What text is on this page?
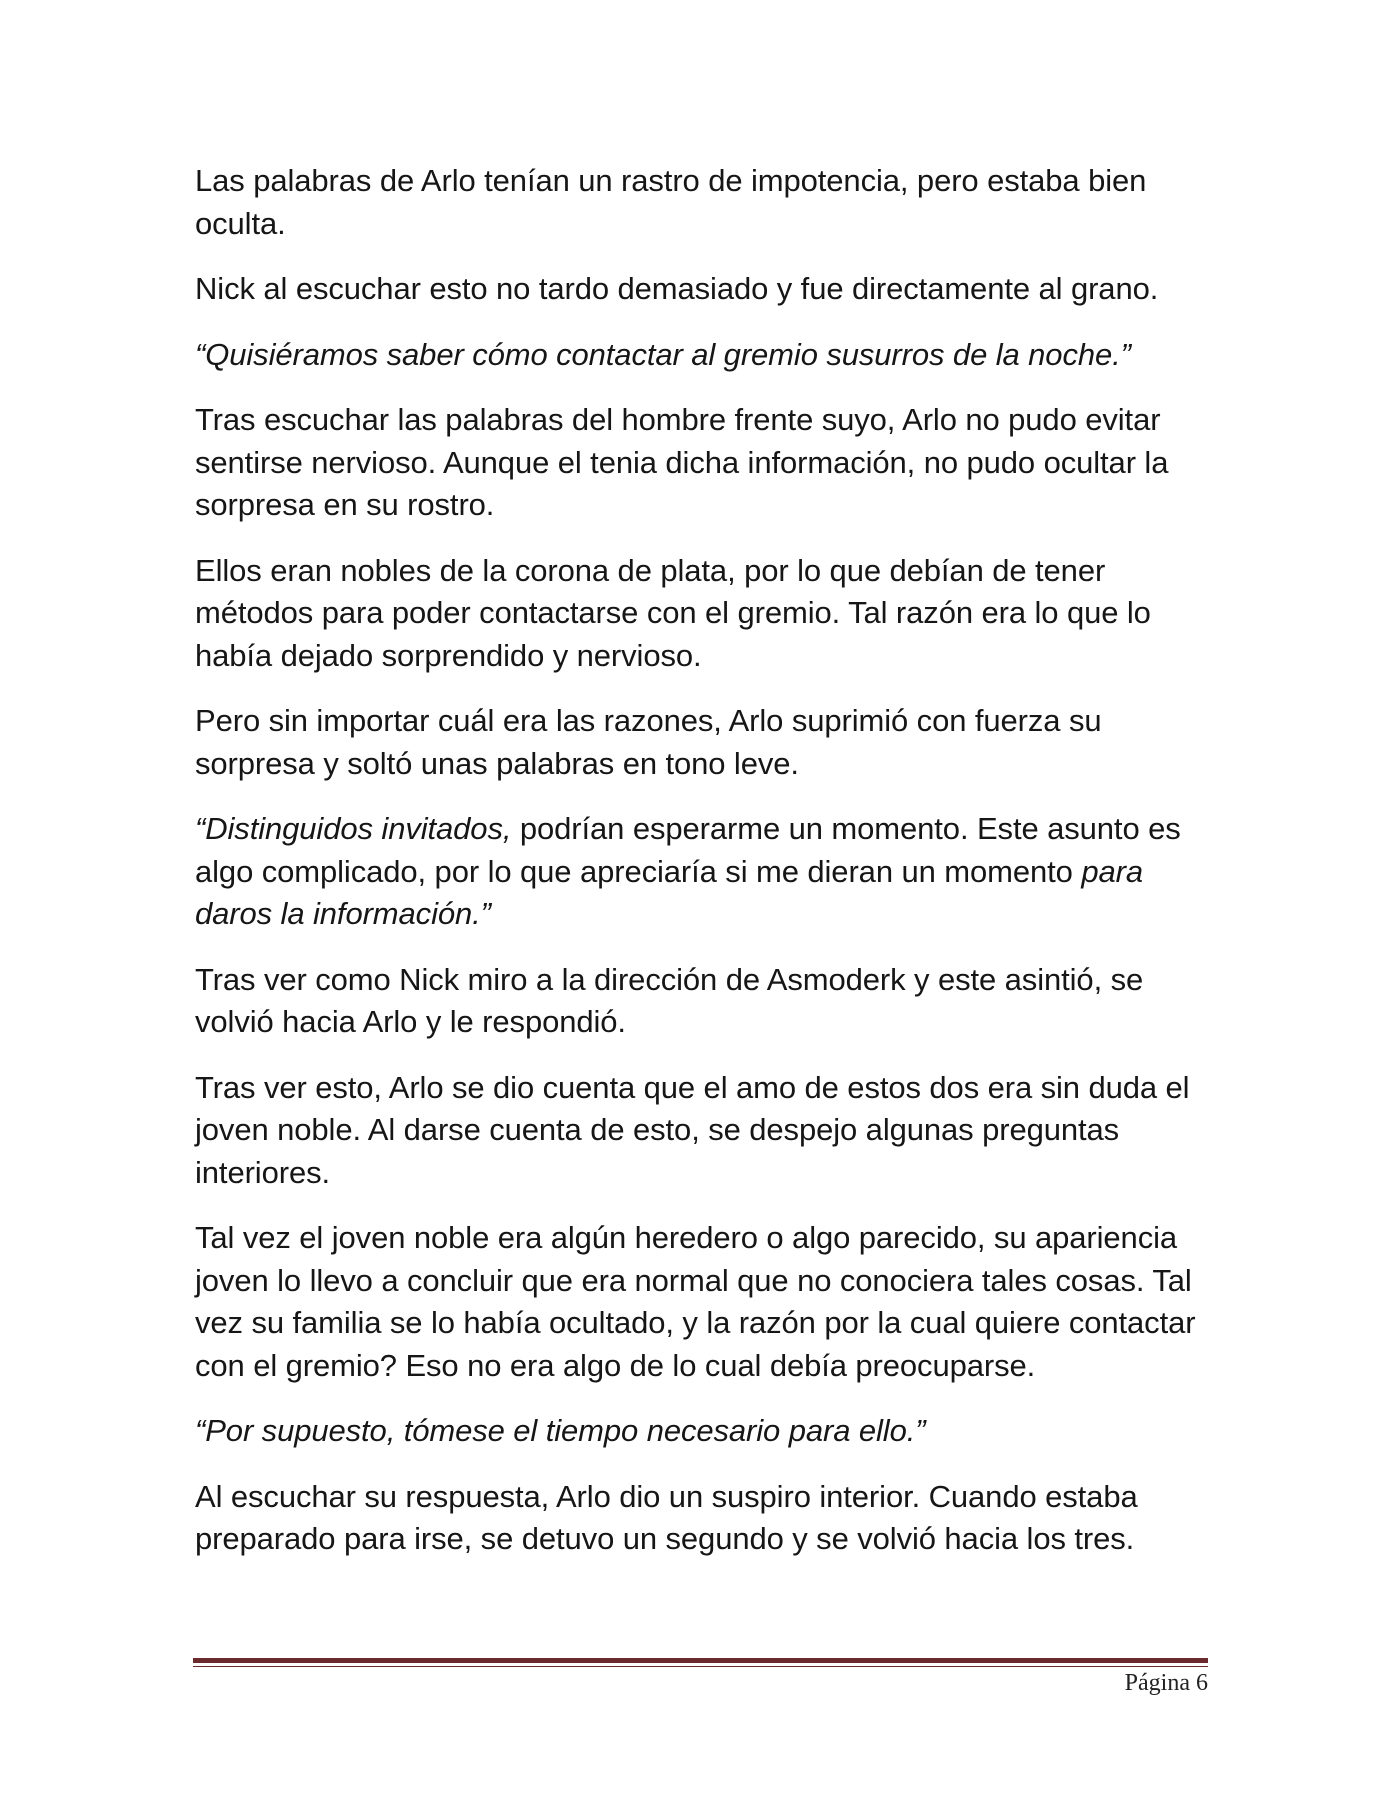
Las palabras de Arlo tenían un rastro de impotencia, pero estaba bien oculta.

Nick al escuchar esto no tardo demasiado y fue directamente al grano.

“Quisiéramos saber cómo contactar al gremio susurros de la noche.”

Tras escuchar las palabras del hombre frente suyo, Arlo no pudo evitar sentirse nervioso. Aunque el tenia dicha información, no pudo ocultar la sorpresa en su rostro.

Ellos eran nobles de la corona de plata, por lo que debían de tener métodos para poder contactarse con el gremio. Tal razón era lo que lo había dejado sorprendido y nervioso.

Pero sin importar cuál era las razones, Arlo suprimió con fuerza su sorpresa y soltó unas palabras en tono leve.

“Distinguidos invitados, podrían esperarme un momento. Este asunto es algo complicado, por lo que apreciaría si me dieran un momento para daros la información.”

Tras ver como Nick miro a la dirección de Asmoderk y este asintió, se volvió hacia Arlo y le respondió.

Tras ver esto, Arlo se dio cuenta que el amo de estos dos era sin duda el joven noble. Al darse cuenta de esto, se despejo algunas preguntas interiores.

Tal vez el joven noble era algún heredero o algo parecido, su apariencia joven lo llevo a concluir que era normal que no conociera tales cosas. Tal vez su familia se lo había ocultado, y la razón por la cual quiere contactar con el gremio? Eso no era algo de lo cual debía preocuparse.

“Por supuesto, tómese el tiempo necesario para ello.”

Al escuchar su respuesta, Arlo dio un suspiro interior. Cuando estaba preparado para irse, se detuvo un segundo y se volvió hacia los tres.

Página 6
